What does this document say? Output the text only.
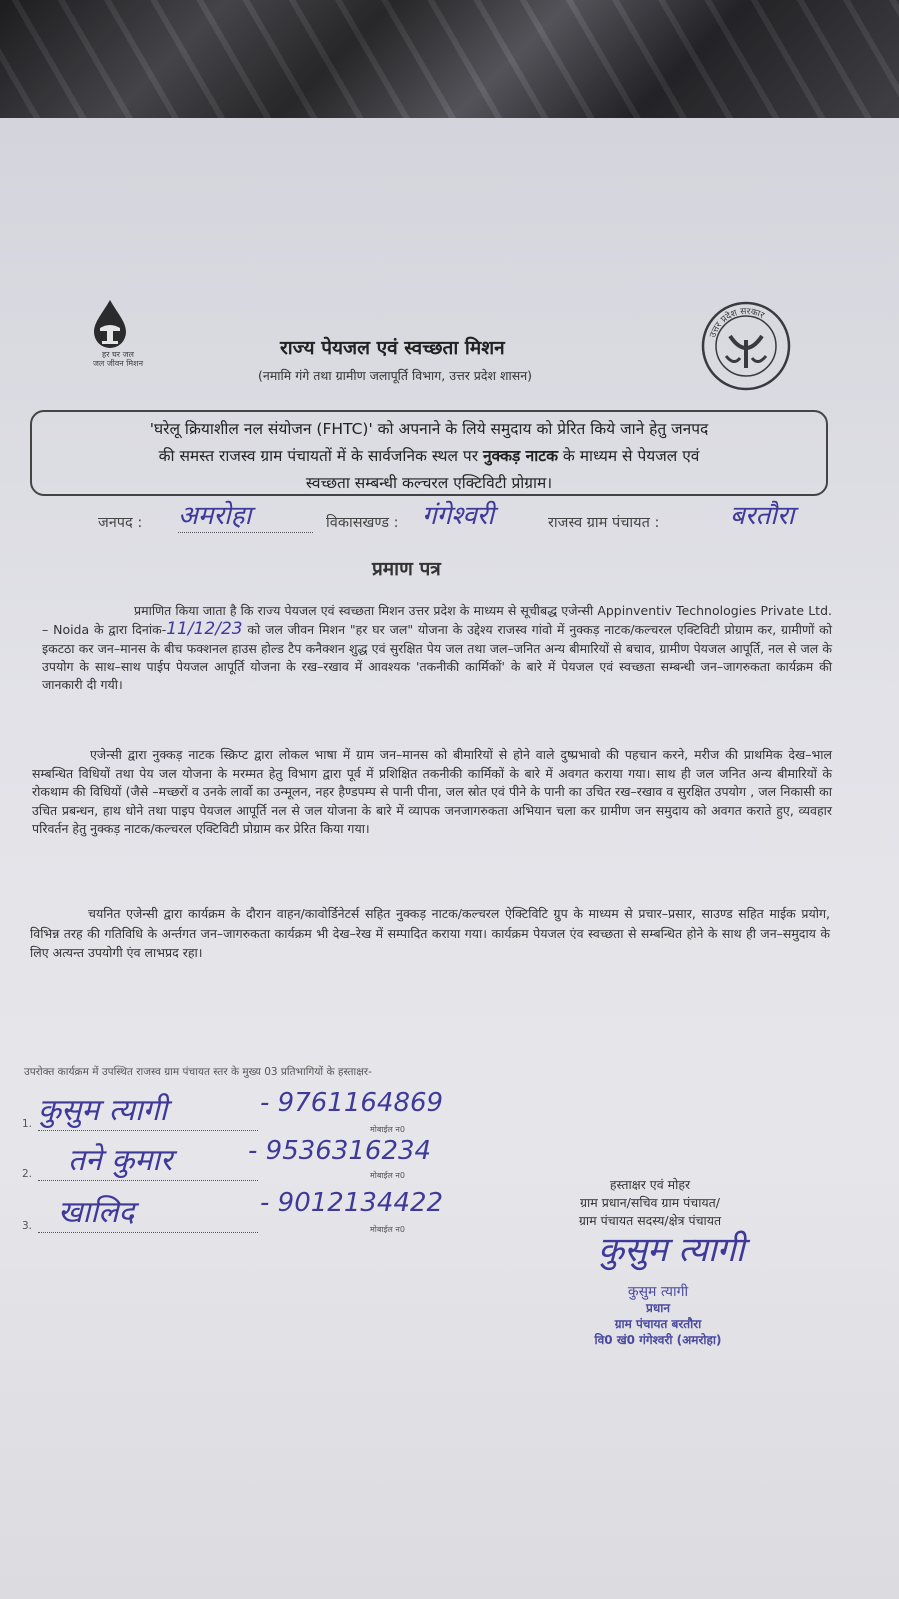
हर घर जल
जल जीवन मिशन
राज्य पेयजल एवं स्वच्छता मिशन
(नमामि गंगे तथा ग्रामीण जलापूर्ति विभाग, उत्तर प्रदेश शासन)
उत्तर प्रदेश सरकार
'घरेलू क्रियाशील नल संयोजन (FHTC)' को अपनाने के लिये समुदाय को प्रेरित किये जाने हेतु जनपद
की समस्त राजस्व ग्राम पंचायतों में के सार्वजनिक स्थल पर नुक्कड़ नाटक के माध्यम से पेयजल एवं
स्वच्छता सम्बन्धी कल्चरल एक्टिविटी प्रोग्राम।
जनपद : अमरोहा	विकासखण्ड : गंगेश्वरी	राजस्व ग्राम पंचायत :	बरतौरा
प्रमाण पत्र
प्रमाणित किया जाता है कि राज्य पेयजल एवं स्वच्छता मिशन उत्तर प्रदेश के माध्यम से सूचीबद्ध एजेन्सी Appinventiv Technologies Private Ltd. – Noida के द्वारा दिनांक-11/12/23 को जल जीवन मिशन "हर घर जल" योजना के उद्देश्य राजस्व गांवो में नुक्कड़ नाटक/कल्चरल एक्टिविटी प्रोग्राम कर, ग्रामीणों को इकटठा कर जन–मानस के बीच फक्शनल हाउस होल्ड टैप कनैक्शन शुद्ध एवं सुरक्षित पेय जल तथा जल–जनित अन्य बीमारियों से बचाव, ग्रामीण पेयजल आपूर्ति, नल से जल के उपयोग के साथ–साथ पाईप पेयजल आपूर्ति योजना के रख–रखाव में आवश्यक 'तकनीकी कार्मिकों' के बारे में पेयजल एवं स्वच्छता सम्बन्धी जन–जागरुकता कार्यक्रम की जानकारी दी गयी।
एजेन्सी द्वारा नुक्कड़ नाटक स्क्रिप्ट द्वारा लोकल भाषा में ग्राम जन–मानस को बीमारियों से होने वाले दुष्प्रभावो की पहचान करने, मरीज की प्राथमिक देख–भाल सम्बन्धित विधियों तथा पेय जल योजना के मरम्मत हेतु विभाग द्वारा पूर्व में प्रशिक्षित तकनीकी कार्मिकों के बारे में अवगत कराया गया। साथ ही जल जनित अन्य बीमारियों के रोकथाम की विधियों (जैसे –मच्छरों व उनके लार्वो का उन्मूलन, नहर हैण्डपम्प से पानी पीना, जल स्रोत एवं पीने के पानी का उचित रख–रखाव व सुरक्षित उपयोग , जल निकासी का उचित प्रबन्धन, हाथ धोने तथा पाइप पेयजल आपूर्ति नल से जल योजना के बारे में व्यापक जनजागरुकता अभियान चला कर ग्रामीण जन समुदाय को अवगत कराते हुए, व्यवहार परिवर्तन हेतु नुक्कड़ नाटक/कल्चरल एक्टिविटी प्रोग्राम कर प्रेरित किया गया।
चयनित एजेन्सी द्वारा कार्यक्रम के दौरान वाहन/कावोर्डिनेटर्स सहित नुक्कड़ नाटक/कल्चरल ऐक्टिविटि ग्रुप के माध्यम से प्रचार–प्रसार, साउण्ड सहित माईक प्रयोग, विभिन्न तरह की गतिविधि के अर्न्तगत जन–जागरुकता कार्यक्रम भी देख–रेख में सम्पादित कराया गया। कार्यक्रम पेयजल एंव स्वच्छता से सम्बन्धित होने के साथ ही जन–समुदाय के लिए अत्यन्त उपयोगी एंव लाभप्रद रहा।
उपरोक्त कार्यक्रम में उपस्थित राजस्व ग्राम पंचायत स्तर के मुख्य 03 प्रतिभागियों के हस्ताक्षर-
1. कुसुम त्यागी	- 9761164869
मोबाईल न0
2.	तने कुमार	- 9536316234
मोबाईल न0
3. खालिद	- 9012134422
मोबाईल न0
हस्ताक्षर एवं मोहर
ग्राम प्रधान/सचिव ग्राम पंचायत/
ग्राम पंचायत सदस्य/क्षेत्र पंचायत
कुसुम त्यागी
कुसुम त्यागी
प्रधान
ग्राम पंचायत बरतौरा
वि0 खं0 गंगेश्वरी (अमरोहा)
